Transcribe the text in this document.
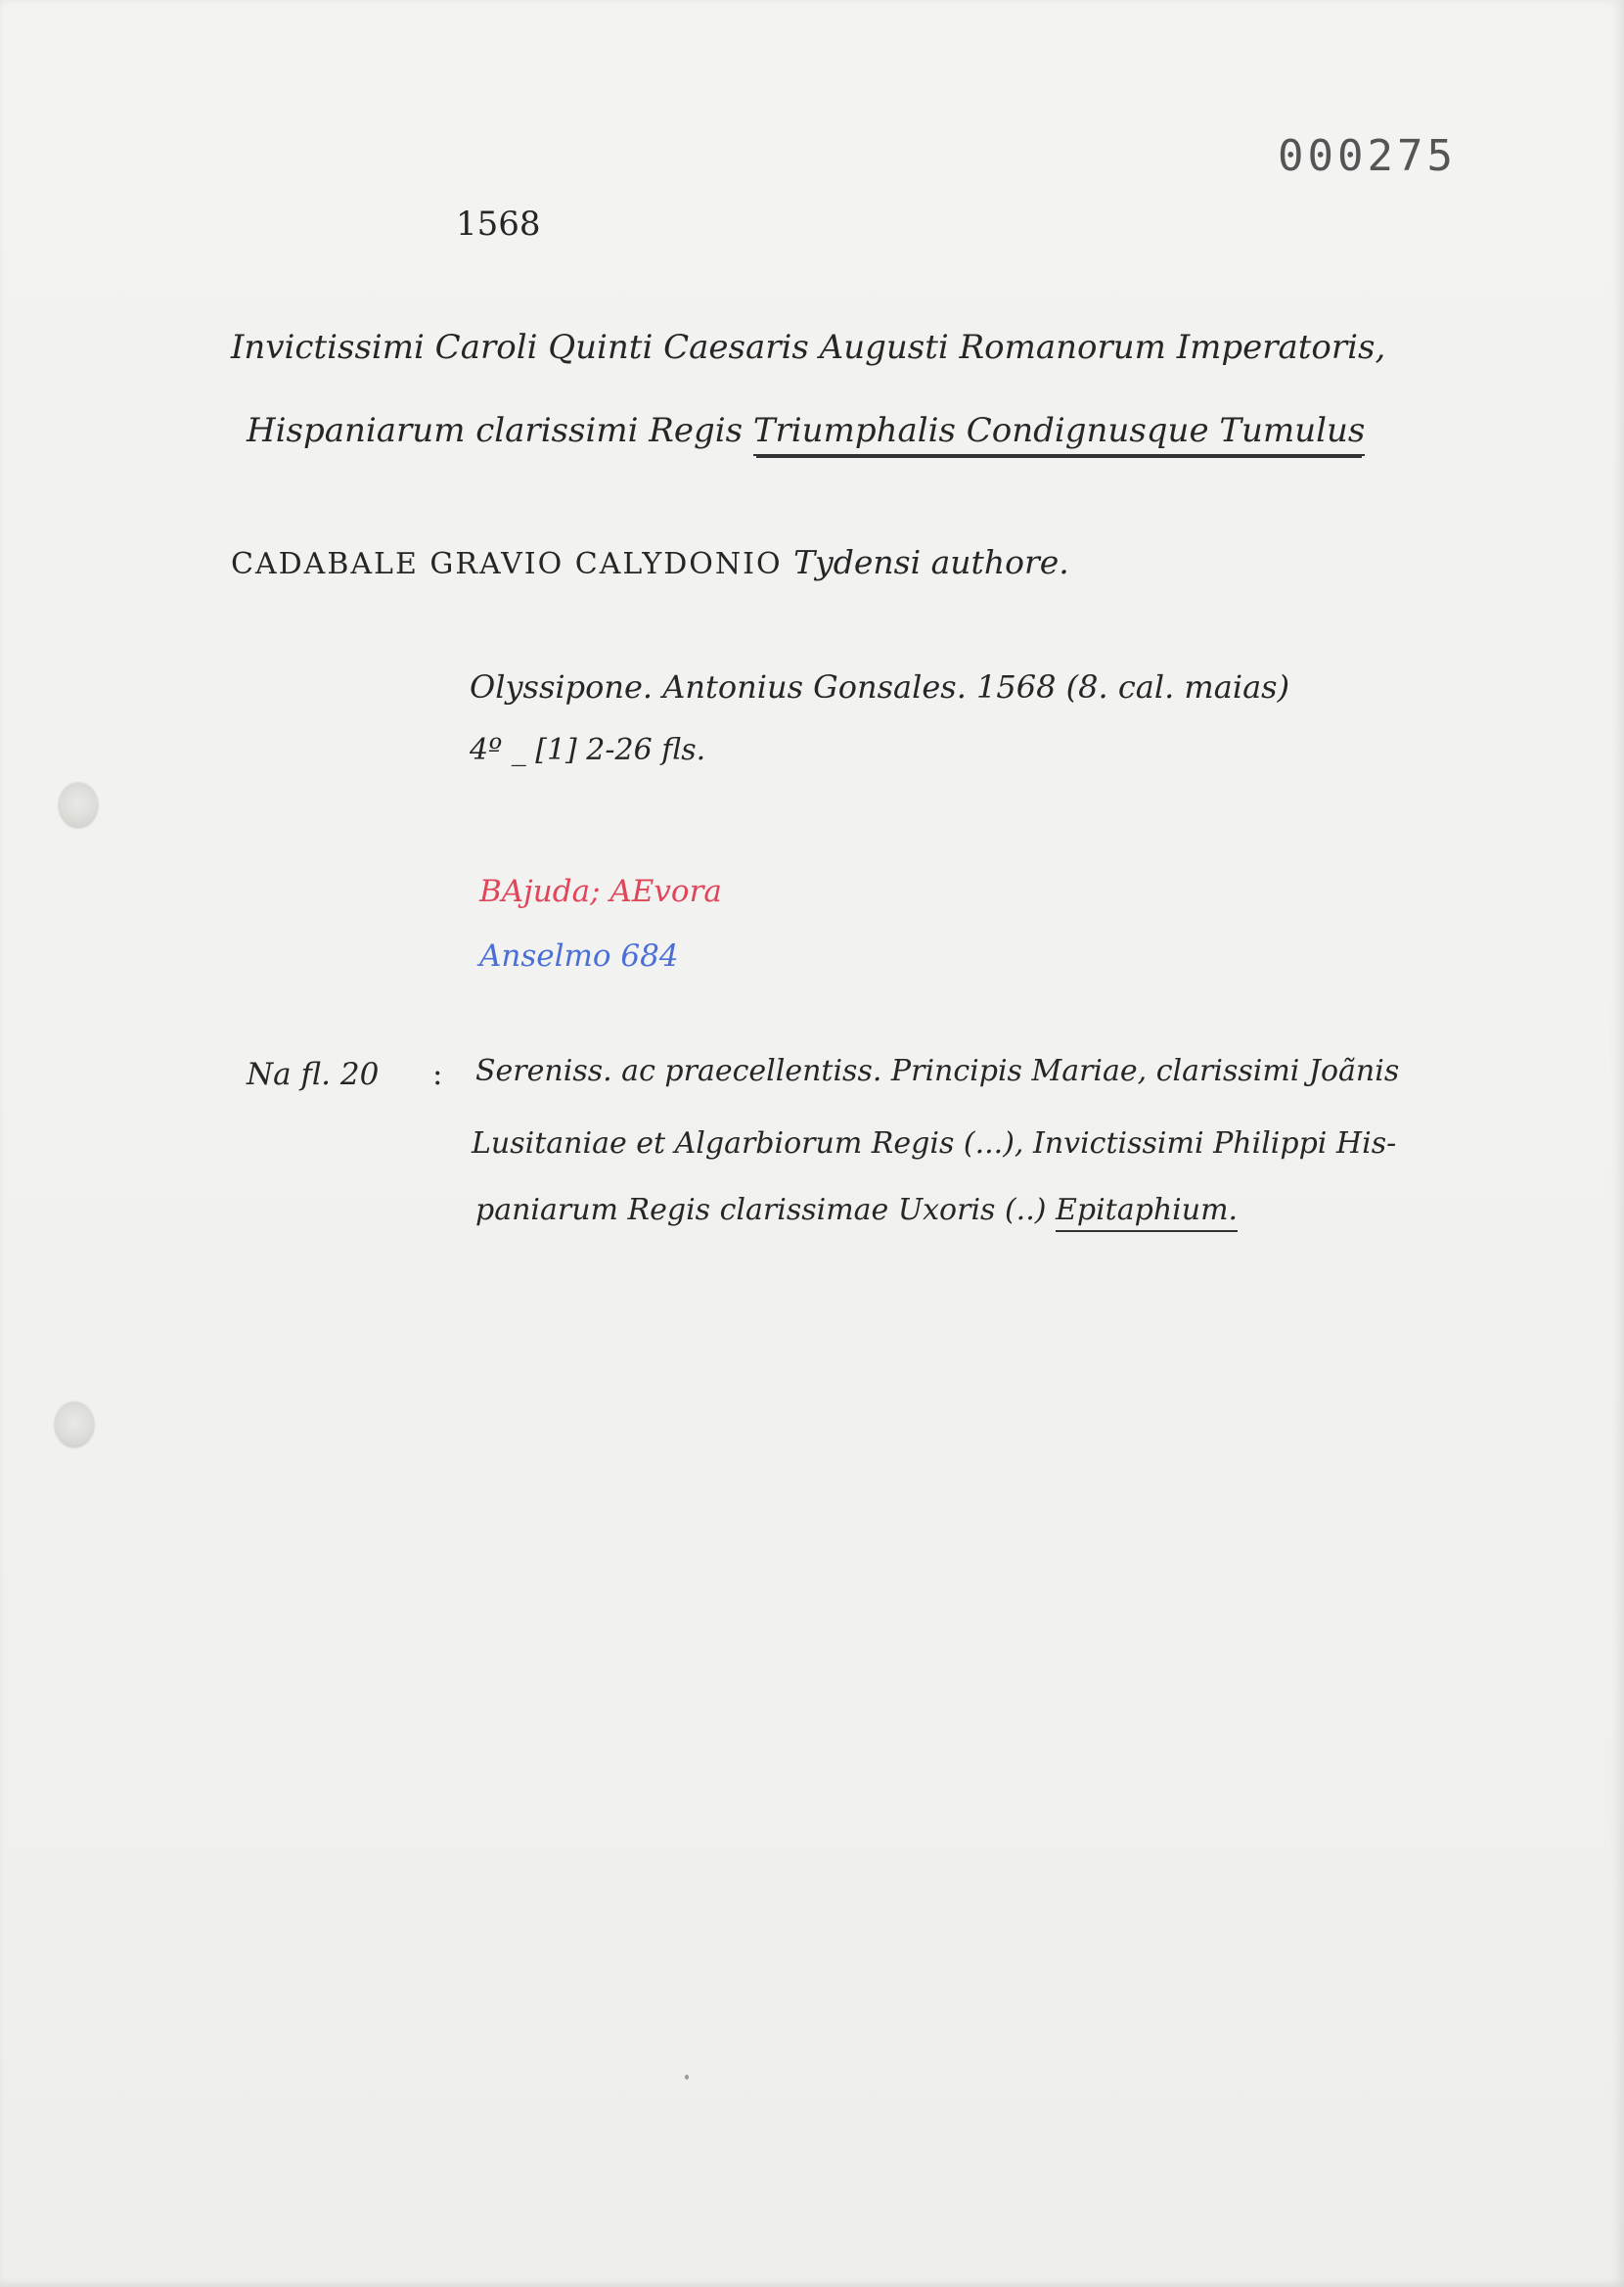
000275
1568
Invictissimi Caroli Quinti Caesaris Augusti Romanorum Imperatoris,
Hispaniarum clarissimi Regis Triumphalis Condignusque Tumulus
CADABALE GRAVIO CALYDONIO Tydensi authore.
Olyssipone. Antonius Gonsales. 1568 (8. cal. maias)
4º _ [1] 2-26 fls.
BAjuda; AEvora
Anselmo 684
Na fl. 20 : Sereniss. ac praecellentiss. Principis Mariae, clarissimi Joãnis
Lusitaniae et Algarbiorum Regis (...), Invictissimi Philippi His-
paniarum Regis clarissimae Uxoris (..) Epitaphium.
